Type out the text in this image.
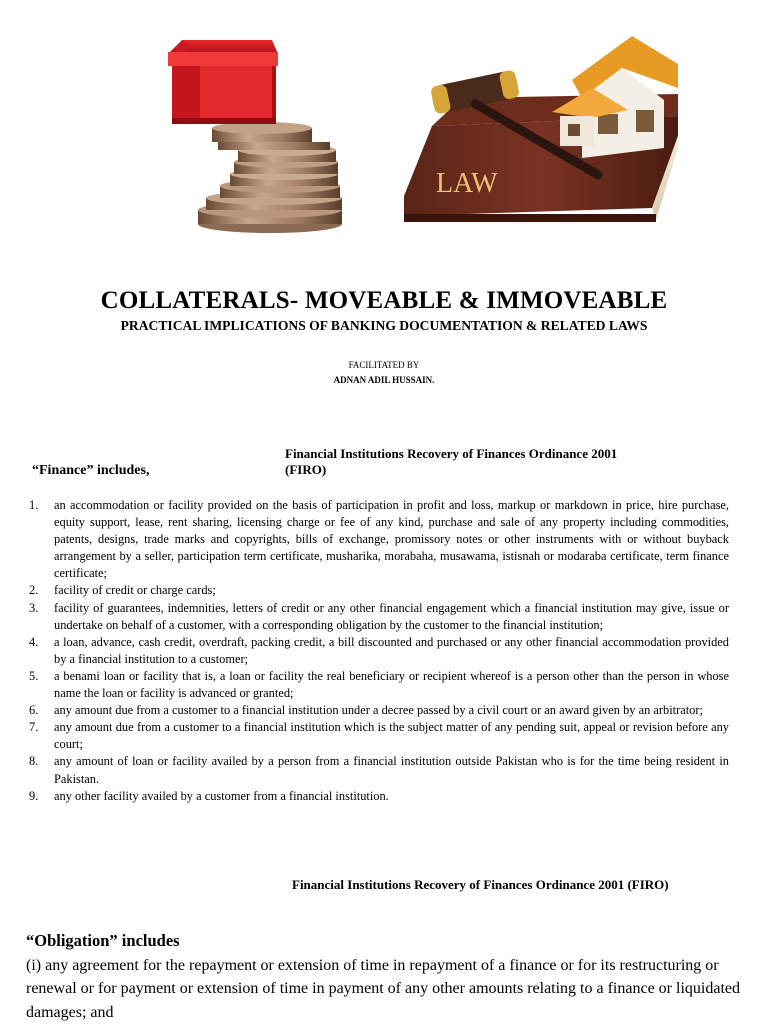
LAW
COLLATERALS- MOVEABLE & IMMOVEABLE
PRACTICAL IMPLICATIONS OF BANKING DOCUMENTATION & RELATED LAWS
FACILITATED BY
ADNAN ADIL HUSSAIN.
Financial Institutions Recovery of Finances Ordinance 2001
(FIRO)
“Finance” includes,
1. an accommodation or facility provided on the basis of participation in profit and loss, markup or markdown in price, hire purchase, equity support, lease, rent sharing, licensing charge or fee of any kind, purchase and sale of any property including commodities, patents, designs, trade marks and copyrights, bills of exchange, promissory notes or other instruments with or without buyback arrangement by a seller, participation term certificate, musharika, morabaha, musawama, istisnah or modaraba certificate, term finance certificate;
2. facility of credit or charge cards;
3. facility of guarantees, indemnities, letters of credit or any other financial engagement which a financial institution may give, issue or undertake on behalf of a customer, with a corresponding obligation by the customer to the financial institution;
4. a loan, advance, cash credit, overdraft, packing credit, a bill discounted and purchased or any other financial accommodation provided by a financial institution to a customer;
5. a benami loan or facility that is, a loan or facility the real beneficiary or recipient whereof is a person other than the person in whose name the loan or facility is advanced or granted;
6. any amount due from a customer to a financial institution under a decree passed by a civil court or an award given by an arbitrator;
7. any amount due from a customer to a financial institution which is the subject matter of any pending suit, appeal or revision before any court;
8. any amount of loan or facility availed by a person from a financial institution outside Pakistan who is for the time being resident in Pakistan.
9. any other facility availed by a customer from a financial institution.
Financial Institutions Recovery of Finances Ordinance 2001 (FIRO)
“Obligation” includes
(i) any agreement for the repayment or extension of time in repayment of a finance or for its restructuring or renewal or for payment or extension of time in payment of any other amounts relating to a finance or liquidated damages; and
